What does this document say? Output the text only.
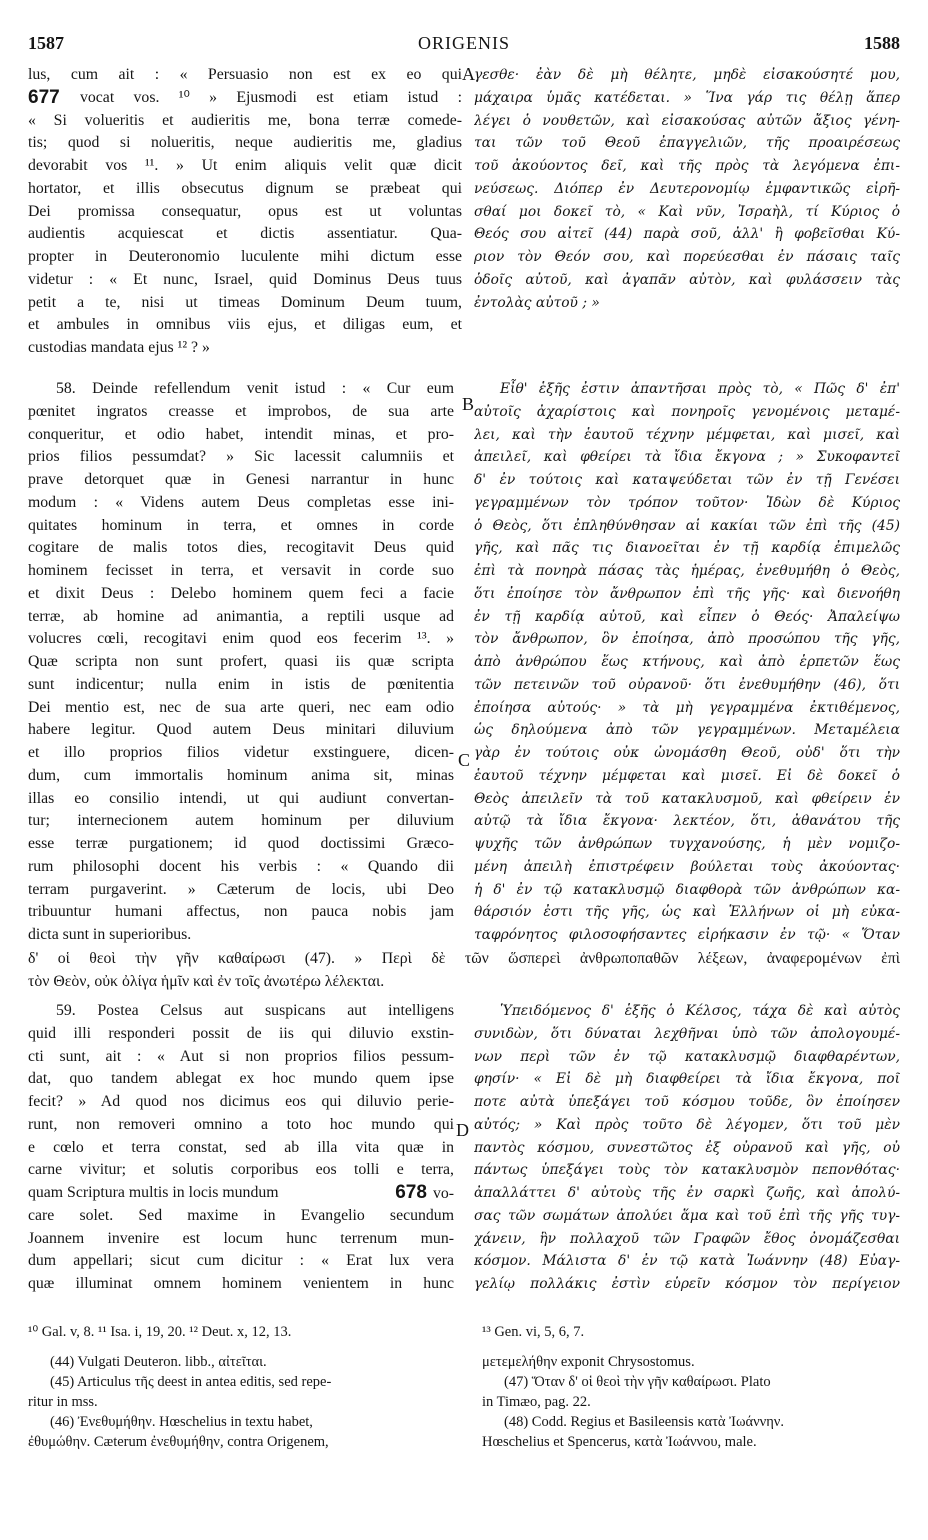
1587	ORIGENIS	1588
lus, cum ait : « Persuasio non est ex eo qui
vocat vos. ¹⁰ » Ejusmodi est etiam istud :
« Si volueritis et audieritis me, bona terræ comede-
tis; quod si nolueritis, neque audieritis me, gladius
devorabit vos ¹¹. » Ut enim aliquis velit quæ dicit
hortator, et illis obsecutus dignum se præbeat qui
Dei promissa consequatur, opus est ut voluntas
audientis acquiescat et dictis assentiatur. Qua-
propter in Deuteronomio luculente mihi dictum esse
videtur : « Et nunc, Israel, quid Dominus Deus tuus
petit a te, nisi ut timeas Dominum Deum tuum,
et ambules in omnibus viis ejus, et diligas eum, et
custodias mandata ejus ¹² ? »
677
γεσθε· ἐὰν δὲ μὴ θέλητε, μηδὲ εἰσακούσητέ μου,
μάχαιρα ὑμᾶς κατέδεται. » Ἵνα γάρ τις θέλῃ ἅπερ
λέγει ὁ νουθετῶν, καὶ εἰσακούσας αὐτῶν ἄξιος γένη-
ται τῶν τοῦ Θεοῦ ἐπαγγελιῶν, τῆς προαιρέσεως
τοῦ ἀκούοντος δεῖ, καὶ τῆς πρὸς τὰ λεγόμενα ἐπι-
νεύσεως. Διόπερ ἐν Δευτερονομίῳ ἐμφαντικῶς εἰρῆ-
σθαί μοι δοκεῖ τὸ, « Καὶ νῦν, Ἰσραὴλ, τί Κύριος ὁ
Θεός σου αἰτεῖ (44) παρὰ σοῦ, ἀλλ' ἢ φοβεῖσθαι Κύ-
ριον τὸν Θεόν σου, καὶ πορεύεσθαι ἐν πάσαις ταῖς
ὁδοῖς αὐτοῦ, καὶ ἀγαπᾶν αὐτὸν, καὶ φυλάσσειν τὰς
ἐντολὰς αὐτοῦ ; »
A
58. Deinde refellendum venit istud : « Cur eum
pœnitet ingratos creasse et improbos, de sua arte
conqueritur, et odio habet, intendit minas, et pro-
prios filios pessumdat? » Sic lacessit calumniis et
prave detorquet quæ in Genesi narrantur in hunc
modum : « Videns autem Deus completas esse ini-
quitates hominum in terra, et omnes in corde
cogitare de malis totos dies, recogitavit Deus quid
hominem fecisset in terra, et versavit in corde suo
et dixit Deus : Delebo hominem quem feci a facie
terræ, ab homine ad animantia, a reptili usque ad
volucres cœli, recogitavi enim quod eos fecerim ¹³. »
Quæ scripta non sunt profert, quasi iis quæ scripta
sunt indicentur; nulla enim in istis de pœnitentia
Dei mentio est, nec de sua arte queri, nec eam odio
habere legitur. Quod autem Deus minitari diluvium
et illo proprios filios videtur exstinguere, dicen-
dum, cum immortalis hominum anima sit, minas
illas eo consilio intendi, ut qui audiunt convertan-
tur; internecionem autem hominum per diluvium
esse terræ purgationem; id quod doctissimi Græco-
rum philosophi docent his verbis : « Quando dii
terram purgaverint. » Cæterum de locis, ubi Deo
tribuuntur humani affectus, non pauca nobis jam
dicta sunt in superioribus.
Εἶθ' ἑξῆς ἐστιν ἀπαντῆσαι πρὸς τὸ, « Πῶς δ' ἐπ'
αὐτοῖς ἀχαρίστοις καὶ πονηροῖς γενομένοις μεταμέ-
λει, καὶ τὴν ἑαυτοῦ τέχνην μέμφεται, καὶ μισεῖ, καὶ
ἀπειλεῖ, καὶ φθείρει τὰ ἴδια ἔκγονα ; » Συκοφαντεῖ
δ' ἐν τούτοις καὶ καταψεύδεται τῶν ἐν τῇ Γενέσει
γεγραμμένων τὸν τρόπον τοῦτον· Ἰδὼν δὲ Κύριος
ὁ Θεὸς, ὅτι ἐπληθύνθησαν αἱ κακίαι τῶν ἐπὶ τῆς (45)
γῆς, καὶ πᾶς τις διανοεῖται ἐν τῇ καρδίᾳ ἐπιμελῶς
ἐπὶ τὰ πονηρὰ πάσας τὰς ἡμέρας, ἐνεθυμήθη ὁ Θεὸς,
ὅτι ἐποίησε τὸν ἄνθρωπον ἐπὶ τῆς γῆς· καὶ διενοήθη
ἐν τῇ καρδίᾳ αὐτοῦ, καὶ εἶπεν ὁ Θεός· Ἀπαλείψω
τὸν ἄνθρωπον, ὃν ἐποίησα, ἀπὸ προσώπου τῆς γῆς,
ἀπὸ ἀνθρώπου ἕως κτήνους, καὶ ἀπὸ ἑρπετῶν ἕως
τῶν πετεινῶν τοῦ οὐρανοῦ· ὅτι ἐνεθυμήθην (46), ὅτι
ἐποίησα αὐτούς· » τὰ μὴ γεγραμμένα ἐκτιθέμενος,
ὡς δηλούμενα ἀπὸ τῶν γεγραμμένων. Μεταμέλεια
γὰρ ἐν τούτοις οὐκ ὠνομάσθη Θεοῦ, οὐδ' ὅτι τὴν
ἑαυτοῦ τέχνην μέμφεται καὶ μισεῖ. Εἰ δὲ δοκεῖ ὁ
Θεὸς ἀπειλεῖν τὰ τοῦ κατακλυσμοῦ, καὶ φθείρειν ἐν
αὐτῷ τὰ ἴδια ἔκγονα· λεκτέον, ὅτι, ἀθανάτου τῆς
ψυχῆς τῶν ἀνθρώπων τυγχανούσης, ἡ μὲν νομιζο-
μένη ἀπειλὴ ἐπιστρέφειν βούλεται τοὺς ἀκούοντας·
ἡ δ' ἐν τῷ κατακλυσμῷ διαφθορὰ τῶν ἀνθρώπων κα-
θάρσιόν ἐστι τῆς γῆς, ὡς καὶ Ἑλλήνων οἱ μὴ εὐκα-
ταφρόνητος φιλοσοφήσαντες εἰρήκασιν ἐν τῷ· « Ὅταν
B
C
δ' οἱ θεοὶ τὴν γῆν καθαίρωσι (47). » Περὶ δὲ τῶν ὥσπερεὶ ἀνθρωποπαθῶν λέξεων, ἀναφερομένων ἐπὶ
τὸν Θεὸν, οὐκ ὀλίγα ἡμῖν καὶ ἐν τοῖς ἀνωτέρω λέλεκται.
59. Postea Celsus aut suspicans aut intelligens
quid illi responderi possit de iis qui diluvio exstin-
cti sunt, ait : « Aut si non proprios filios pessum-
dat, quo tandem ablegat ex hoc mundo quem ipse
fecit? » Ad quod nos dicimus eos qui diluvio perie-
runt, non removeri omnino a toto hoc mundo qui
e cœlo et terra constat, sed ab illa vita quæ in
carne vivitur; et solutis corporibus eos tolli e terra,
quam Scriptura multis in locis mundum	678 vo-
care solet. Sed maxime in Evangelio secundum
Joannem invenire est locum hunc terrenum mun-
dum appellari; sicut cum dicitur : « Erat lux vera
quæ illuminat omnem hominem venientem in hunc
Ὑπειδόμενος δ' ἑξῆς ὁ Κέλσος, τάχα δὲ καὶ αὐτὸς
συνιδὼν, ὅτι δύναται λεχθῆναι ὑπὸ τῶν ἀπολογουμέ-
νων περὶ τῶν ἐν τῷ κατακλυσμῷ διαφθαρέντων,
φησίν· « Εἰ δὲ μὴ διαφθείρει τὰ ἴδια ἔκγονα, ποῖ
ποτε αὐτὰ ὑπεξάγει τοῦ κόσμου τοῦδε, ὃν ἐποίησεν
αὐτός; » Καὶ πρὸς τοῦτο δὲ λέγομεν, ὅτι τοῦ μὲν
παντὸς κόσμου, συνεστῶτος ἐξ οὐρανοῦ καὶ γῆς, οὐ
πάντως ὑπεξάγει τοὺς τὸν κατακλυσμὸν πεπονθότας·
ἀπαλλάττει δ' αὐτοὺς τῆς ἐν σαρκὶ ζωῆς, καὶ ἀπολύ-
σας τῶν σωμάτων ἀπολύει ἅμα καὶ τοῦ ἐπὶ τῆς γῆς τυγ-
χάνειν, ἣν πολλαχοῦ τῶν Γραφῶν ἔθος ὀνομάζεσθαι
κόσμον. Μάλιστα δ' ἐν τῷ κατὰ Ἰωάννην (48) Εὐαγ-
γελίῳ πολλάκις ἐστὶν εὑρεῖν κόσμον τὸν περίγειον
D
¹⁰ Gal. v, 8. ¹¹ Isa. i, 19, 20. ¹² Deut. x, 12, 13.	¹³ Gen. vi, 5, 6, 7.
(44) Vulgati Deuteron. libb., αἰτεῖται.
(45) Articulus τῆς deest in antea editis, sed repe-
ritur in mss.
(46) Ἐνεθυμήθην. Hœschelius in textu habet,
ἐθυμώθην. Cæterum ἐνεθυμήθην, contra Origenem,
μετεμελήθην exponit Chrysostomus.
(47) Ὅταν δ' οἱ θεοὶ τὴν γῆν καθαίρωσι. Plato
in Timæo, pag. 22.
(48) Codd. Regius et Basileensis κατὰ Ἰωάννην.
Hœschelius et Spencerus, κατὰ Ἰωάννου, male.
